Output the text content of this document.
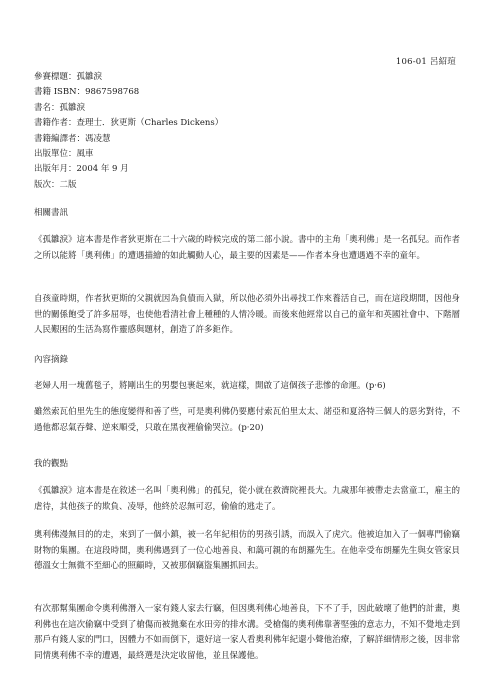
106-01 呂紹瑄
參賽標題：孤雛淚
書籍 ISBN：9867598768
書名：孤雛淚
書籍作者：查理士．狄更斯（Charles Dickens）
書籍編譯者：馮凌慧
出版單位：風車
出版年月：2004 年 9 月
版次：二版
相關書訊
《孤雛淚》這本書是作者狄更斯在二十六歲的時候完成的第二部小說。書中的主角「奧利佛」是一名孤兒。而作者之所以能將「奧利佛」的遭遇描繪的如此觸動人心，最主要的因素是——作者本身也遭遇過不幸的童年。
自孩童時期，作者狄更斯的父親就因為負債而入獄，所以他必須外出尋找工作來養活自己，而在這段期間，因他身世的關係飽受了許多屈辱，也使他看清社會上種種的人情冷暖。而後來他經常以自己的童年和英國社會中、下階層人民艱困的生活為寫作靈感與題材，創造了許多鉅作。
內容摘錄
老婦人用一塊舊毯子，將剛出生的男嬰包裹起來，就這樣，開啟了這個孩子悲慘的命運。(p‧6)
雖然索瓦伯里先生的態度變得和善了些，可是奧利佛仍要應付索瓦伯里太太、諾亞和夏洛特三個人的惡劣對待，不過他都忍氣吞聲、逆來順受，只敢在黑夜裡偷偷哭泣。(p‧20)
我的觀點
《孤雛淚》這本書是在敘述一名叫「奧利佛」的孤兒，從小就在救濟院裡長大。九歲那年被帶走去當童工，雇主的虐待，其他孩子的欺負、凌辱，他終於忍無可忍，偷偷的逃走了。
奧利佛漫無目的的走，來到了一個小鎮，被一名年紀相仿的男孩引誘，而誤入了虎穴。他被迫加入了一個專門偷竊財物的集團。在這段時間，奧利佛遇到了一位心地善良、和藹可親的布朗羅先生。在他幸受布朗羅先生與女管家貝德溫女士無微不至細心的照顧時，又被那個竊盜集團抓回去。
有次那幫集團命令奧利佛潛入一家有錢人家去行竊，但因奧利佛心地善良，下不了手，因此破壞了他們的計畫，奧利佛也在這次偷竊中受到了槍傷而被拋棄在水田旁的排水溝。受槍傷的奧利佛靠著堅強的意志力，不知不覺地走到那戶有錢人家的門口，因體力不如而倒下，還好這一家人看奧利佛年紀還小聲他治療，了解詳細情形之後，因非常同情奧利佛不幸的遭遇，最終選是決定收留他，並且保護他。
